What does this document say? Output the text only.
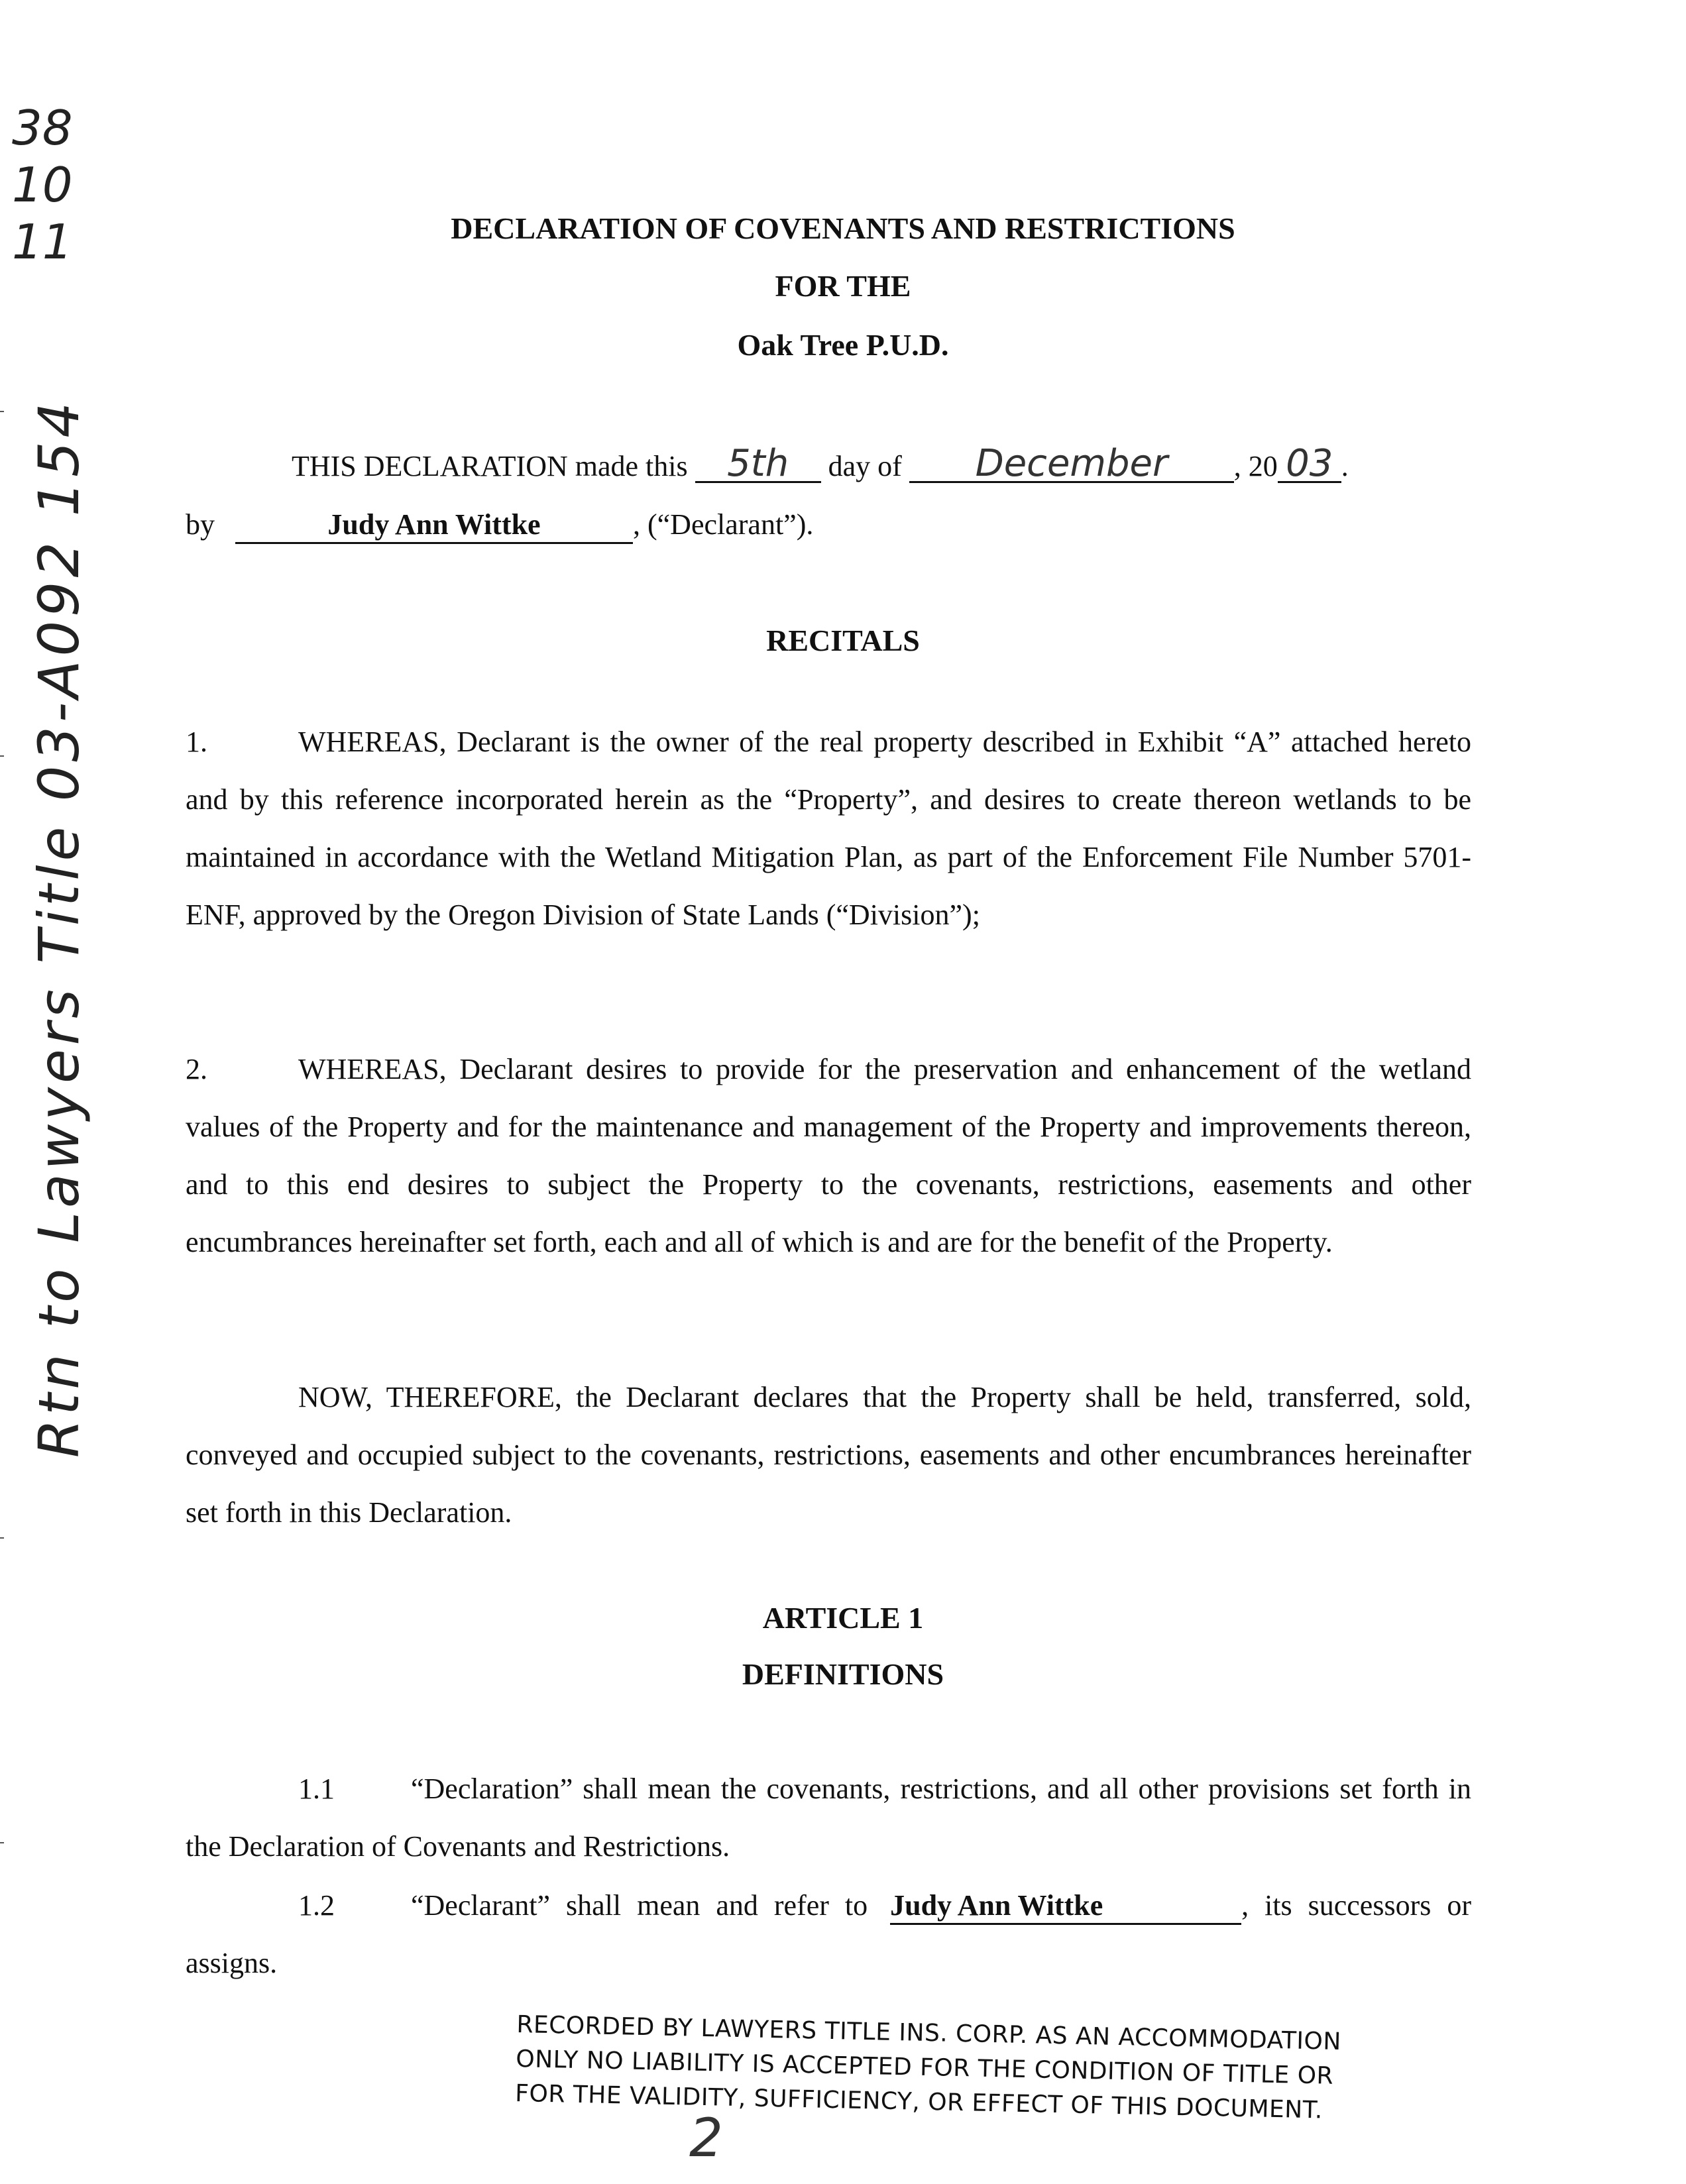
38 10 11
Rtn to Lawyers Title 03-A092 154
DECLARATION OF COVENANTS AND RESTRICTIONS
FOR THE
Oak Tree P.U.D.
THIS DECLARATION made this 5th day of December , 20 03 .
by	Judy Ann Wittke	, (“Declarant”).
RECITALS
1.	WHEREAS, Declarant is the owner of the real property described in Exhibit “A” attached hereto and by this reference incorporated herein as the “Property”, and desires to create thereon wetlands to be maintained in accordance with the Wetland Mitigation Plan, as part of the Enforcement File Number 5701-ENF, approved by the Oregon Division of State Lands (“Division”);
2.	WHEREAS, Declarant desires to provide for the preservation and enhancement of the wetland values of the Property and for the maintenance and management of the Property and improvements thereon, and to this end desires to subject the Property to the covenants, restrictions, easements and other encumbrances hereinafter set forth, each and all of which is and are for the benefit of the Property.
NOW, THEREFORE, the Declarant declares that the Property shall be held, transferred, sold, conveyed and occupied subject to the covenants, restrictions, easements and other encumbrances hereinafter set forth in this Declaration.
ARTICLE 1
DEFINITIONS
1.1	“Declaration” shall mean the covenants, restrictions, and all other provisions set forth in the Declaration of Covenants and Restrictions.
1.2	“Declarant” shall mean and refer to Judy Ann Wittke	, its successors or assigns.
RECORDED BY LAWYERS TITLE INS. CORP. AS AN ACCOMMODATION
ONLY NO LIABILITY IS ACCEPTED FOR THE CONDITION OF TITLE OR
FOR THE VALIDITY, SUFFICIENCY, OR EFFECT OF THIS DOCUMENT.
2
